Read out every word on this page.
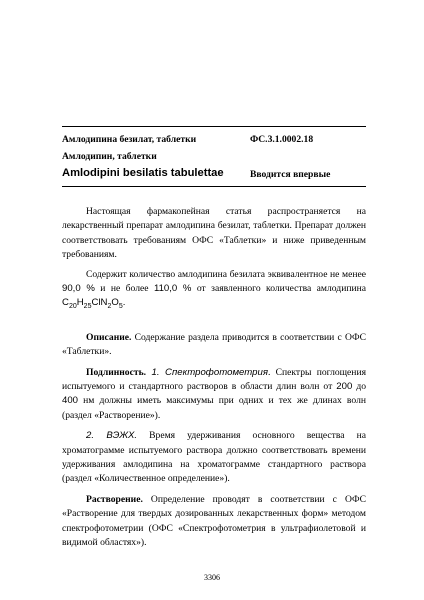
Амлодипина безилат, таблетки	ФС.3.1.0002.18
Амлодипин, таблетки
Amlodipini besilatis tabulettae	Вводится впервые

Настоящая фармакопейная статья распространяется на лекарственный препарат амлодипина безилат, таблетки. Препарат должен соответствовать требованиям ОФС «Таблетки» и ниже приведенным требованиям.

Содержит количество амлодипина безилата эквивалентное не менее 90,0 % и не более 110,0 % от заявленного количества амлодипина $C_{20}H_{25}ClN_2O_5$.

Описание. Содержание раздела приводится в соответствии с ОФС «Таблетки».

Подлинность. 1. Спектрофотометрия. Спектры поглощения испытуемого и стандартного растворов в области длин волн от 200 до 400 нм должны иметь максимумы при одних и тех же длинах волн (раздел «Растворение»).

2. ВЭЖХ. Время удерживания основного вещества на хроматограмме испытуемого раствора должно соответствовать времени удерживания амлодипина на хроматограмме стандартного раствора (раздел «Количественное определение»).

Растворение. Определение проводят в соответствии с ОФС «Растворение для твердых дозированных лекарственных форм» методом спектрофотометрии (ОФС «Спектрофотометрия в ультрафиолетовой и видимой областях»).

3306
